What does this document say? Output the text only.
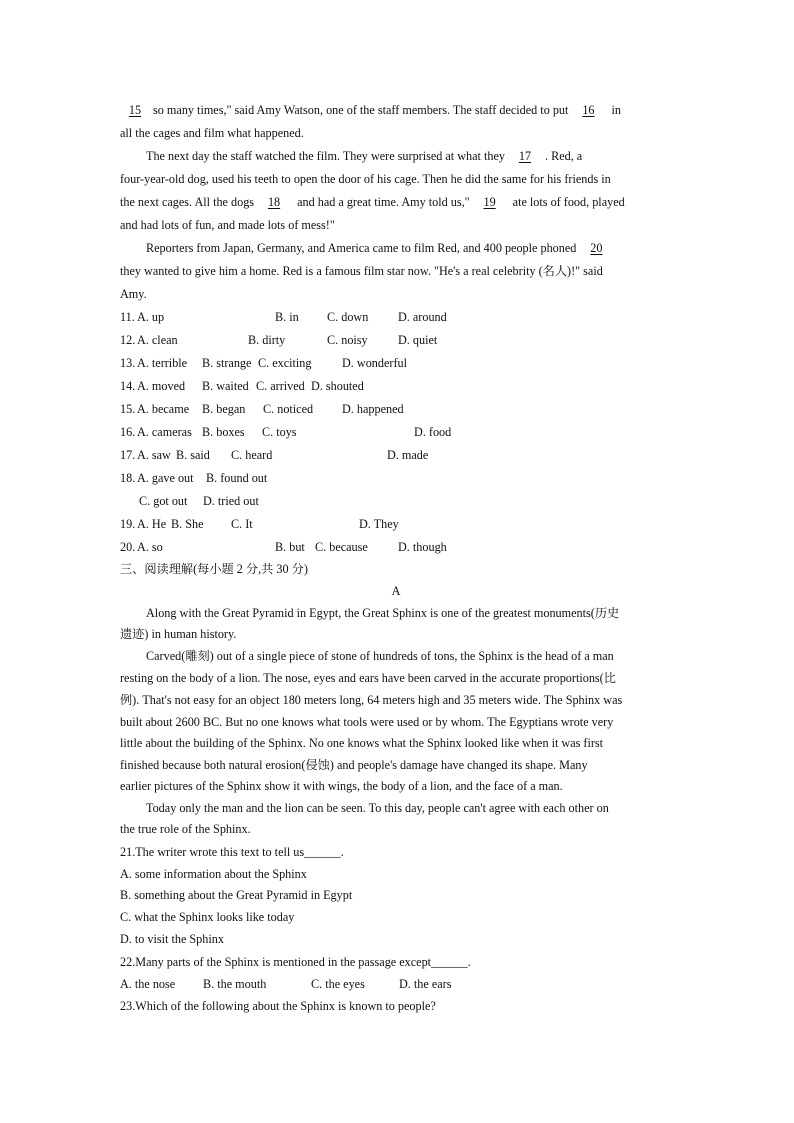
15 so many times," said Amy Watson, one of the staff members. The staff decided to put 16 in
all the cages and film what happened.
The next day the staff watched the film. They were surprised at what they 17 . Red, a
four-year-old dog, used his teeth to open the door of his cage. Then he did the same for his friends in
the next cages. All the dogs 18 and had a great time. Amy told us," 19 ate lots of food, played
and had lots of fun, and made lots of mess!"
Reporters from Japan, Germany, and America came to film Red, and 400 people phoned 20
they wanted to give him a home. Red is a famous film star now. "He's a real celebrity (名人)!" said
Amy.
11. A. up	B. in C. down D. around
12. A. clean	B. dirty	C. noisy D. quiet
13. A. terrible B. strange C. exciting	D. wonderful
14. A. moved B. waited C. arrived D. shouted
15. A. became B. began C. noticed D. happened
16. A. cameras B. boxes C. toys	D. food
17. A. saw B. said C. heard	D. made
18. A. gave out B. found out
C. got out D. tried out
19. A. He B. She C. It	D. They
20. A. so	B. but C. because D. though
三、阅读理解(每小题 2 分,共 30 分)
A
Along with the Great Pyramid in Egypt, the Great Sphinx is one of the greatest monuments(历史
遗迹) in human history.
Carved(雕刻) out of a single piece of stone of hundreds of tons, the Sphinx is the head of a man
resting on the body of a lion. The nose, eyes and ears have been carved in the accurate proportions(比
例). That's not easy for an object 180 meters long, 64 meters high and 35 meters wide. The Sphinx was
built about 2600 BC. But no one knows what tools were used or by whom. The Egyptians wrote very
little about the building of the Sphinx. No one knows what the Sphinx looked like when it was first
finished because both natural erosion(侵蚀) and people's damage have changed its shape. Many
earlier pictures of the Sphinx show it with wings, the body of a lion, and the face of a man.
Today only the man and the lion can be seen. To this day, people can't agree with each other on
the true role of the Sphinx.
21.The writer wrote this text to tell us______.
A. some information about the Sphinx
B. something about the Great Pyramid in Egypt
C. what the Sphinx looks like today
D. to visit the Sphinx
22.Many parts of the Sphinx is mentioned in the passage except______.
A. the nose B. the mouth	C. the eyes	D. the ears
23.Which of the following about the Sphinx is known to people?
